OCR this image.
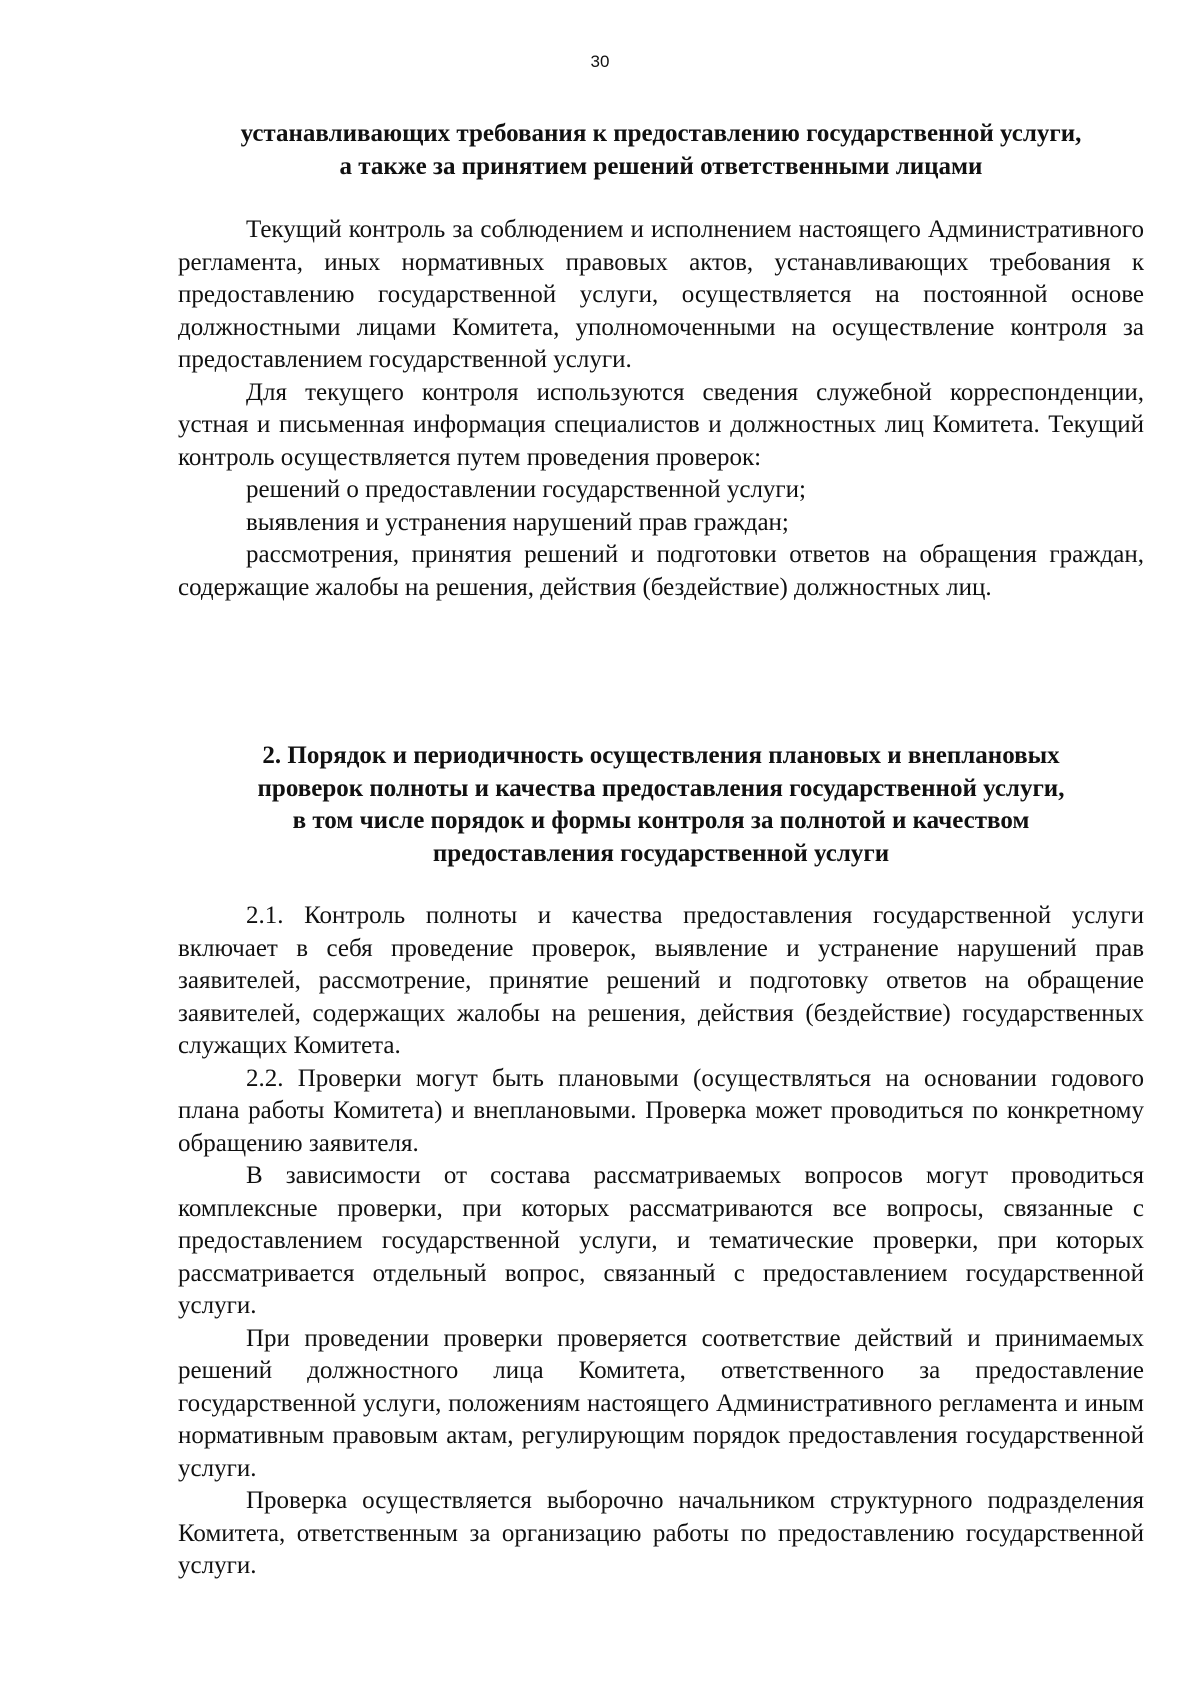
30

устанавливающих требования к предоставлению государственной услуги,

а также за принятием решений ответственными лицами

Текущий контроль за соблюдением и исполнением настоящего Административного регламента, иных нормативных правовых актов, устанавливающих требования к предоставлению государственной услуги, осуществляется на постоянной основе должностными лицами Комитета, уполномоченными на осуществление контроля за предоставлением государственной услуги.

Для текущего контроля используются сведения служебной корреспонденции, устная и письменная информация специалистов и должностных лиц Комитета. Текущий контроль осуществляется путем проведения проверок:

решений о предоставлении государственной услуги;

выявления и устранения нарушений прав граждан;

рассмотрения, принятия решений и подготовки ответов на обращения граждан, содержащие жалобы на решения, действия (бездействие) должностных лиц.

2. Порядок и периодичность осуществления плановых и внеплановых

проверок полноты и качества предоставления государственной услуги,

в том числе порядок и формы контроля за полнотой и качеством

предоставления государственной услуги

2.1. Контроль полноты и качества предоставления государственной услуги включает в себя проведение проверок, выявление и устранение нарушений прав заявителей, рассмотрение, принятие решений и подготовку ответов на обращение заявителей, содержащих жалобы на решения, действия (бездействие) государственных служащих Комитета.

2.2. Проверки могут быть плановыми (осуществляться на основании годового плана работы Комитета) и внеплановыми. Проверка может проводиться по конкретному обращению заявителя.

В зависимости от состава рассматриваемых вопросов могут проводиться комплексные проверки, при которых рассматриваются все вопросы, связанные с предоставлением государственной услуги, и тематические проверки, при которых рассматривается отдельный вопрос, связанный с предоставлением государственной услуги.

При проведении проверки проверяется соответствие действий и принимаемых решений должностного лица Комитета, ответственного за предоставление государственной услуги, положениям настоящего Административного регламента и иным нормативным правовым актам, регулирующим порядок предоставления государственной услуги.

Проверка осуществляется выборочно начальником структурного подразделения Комитета, ответственным за организацию работы по предоставлению государственной услуги.
